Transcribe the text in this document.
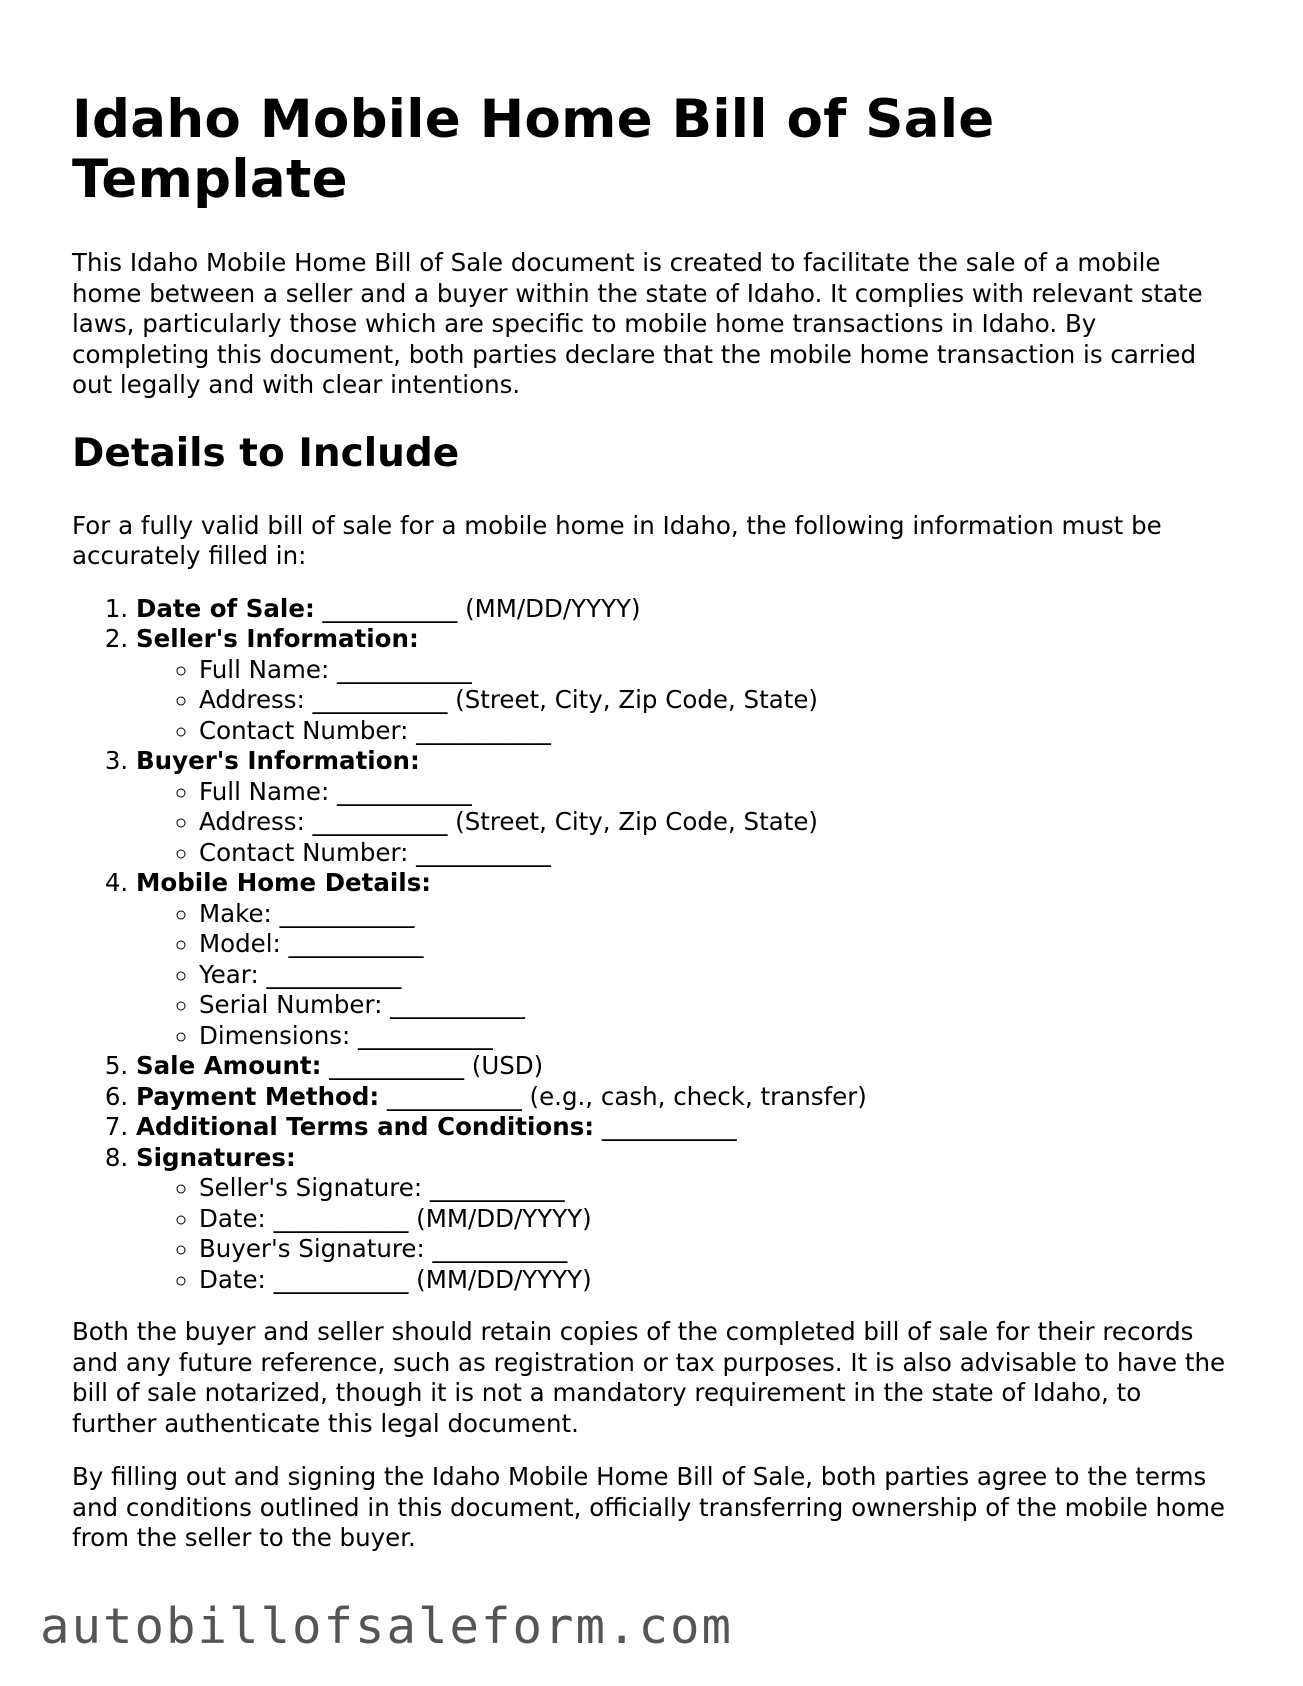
Idaho Mobile Home Bill of Sale Template

This Idaho Mobile Home Bill of Sale document is created to facilitate the sale of a mobile home between a seller and a buyer within the state of Idaho. It complies with relevant state laws, particularly those which are specific to mobile home transactions in Idaho. By completing this document, both parties declare that the mobile home transaction is carried out legally and with clear intentions.

Details to Include

For a fully valid bill of sale for a mobile home in Idaho, the following information must be accurately filled in:

1. Date of Sale: ___________ (MM/DD/YYYY)
2. Seller's Information:
◦ Full Name: ___________
◦ Address: ___________ (Street, City, Zip Code, State)
◦ Contact Number: ___________
3. Buyer's Information:
◦ Full Name: ___________
◦ Address: ___________ (Street, City, Zip Code, State)
◦ Contact Number: ___________
4. Mobile Home Details:
◦ Make: ___________
◦ Model: ___________
◦ Year: ___________
◦ Serial Number: ___________
◦ Dimensions: ___________
5. Sale Amount: ___________ (USD)
6. Payment Method: ___________ (e.g., cash, check, transfer)
7. Additional Terms and Conditions: ___________
8. Signatures:
◦ Seller's Signature: ___________
◦ Date: ___________ (MM/DD/YYYY)
◦ Buyer's Signature: ___________
◦ Date: ___________ (MM/DD/YYYY)

Both the buyer and seller should retain copies of the completed bill of sale for their records and any future reference, such as registration or tax purposes. It is also advisable to have the bill of sale notarized, though it is not a mandatory requirement in the state of Idaho, to further authenticate this legal document.

By filling out and signing the Idaho Mobile Home Bill of Sale, both parties agree to the terms and conditions outlined in this document, officially transferring ownership of the mobile home from the seller to the buyer.

autobillofsaleform.com
